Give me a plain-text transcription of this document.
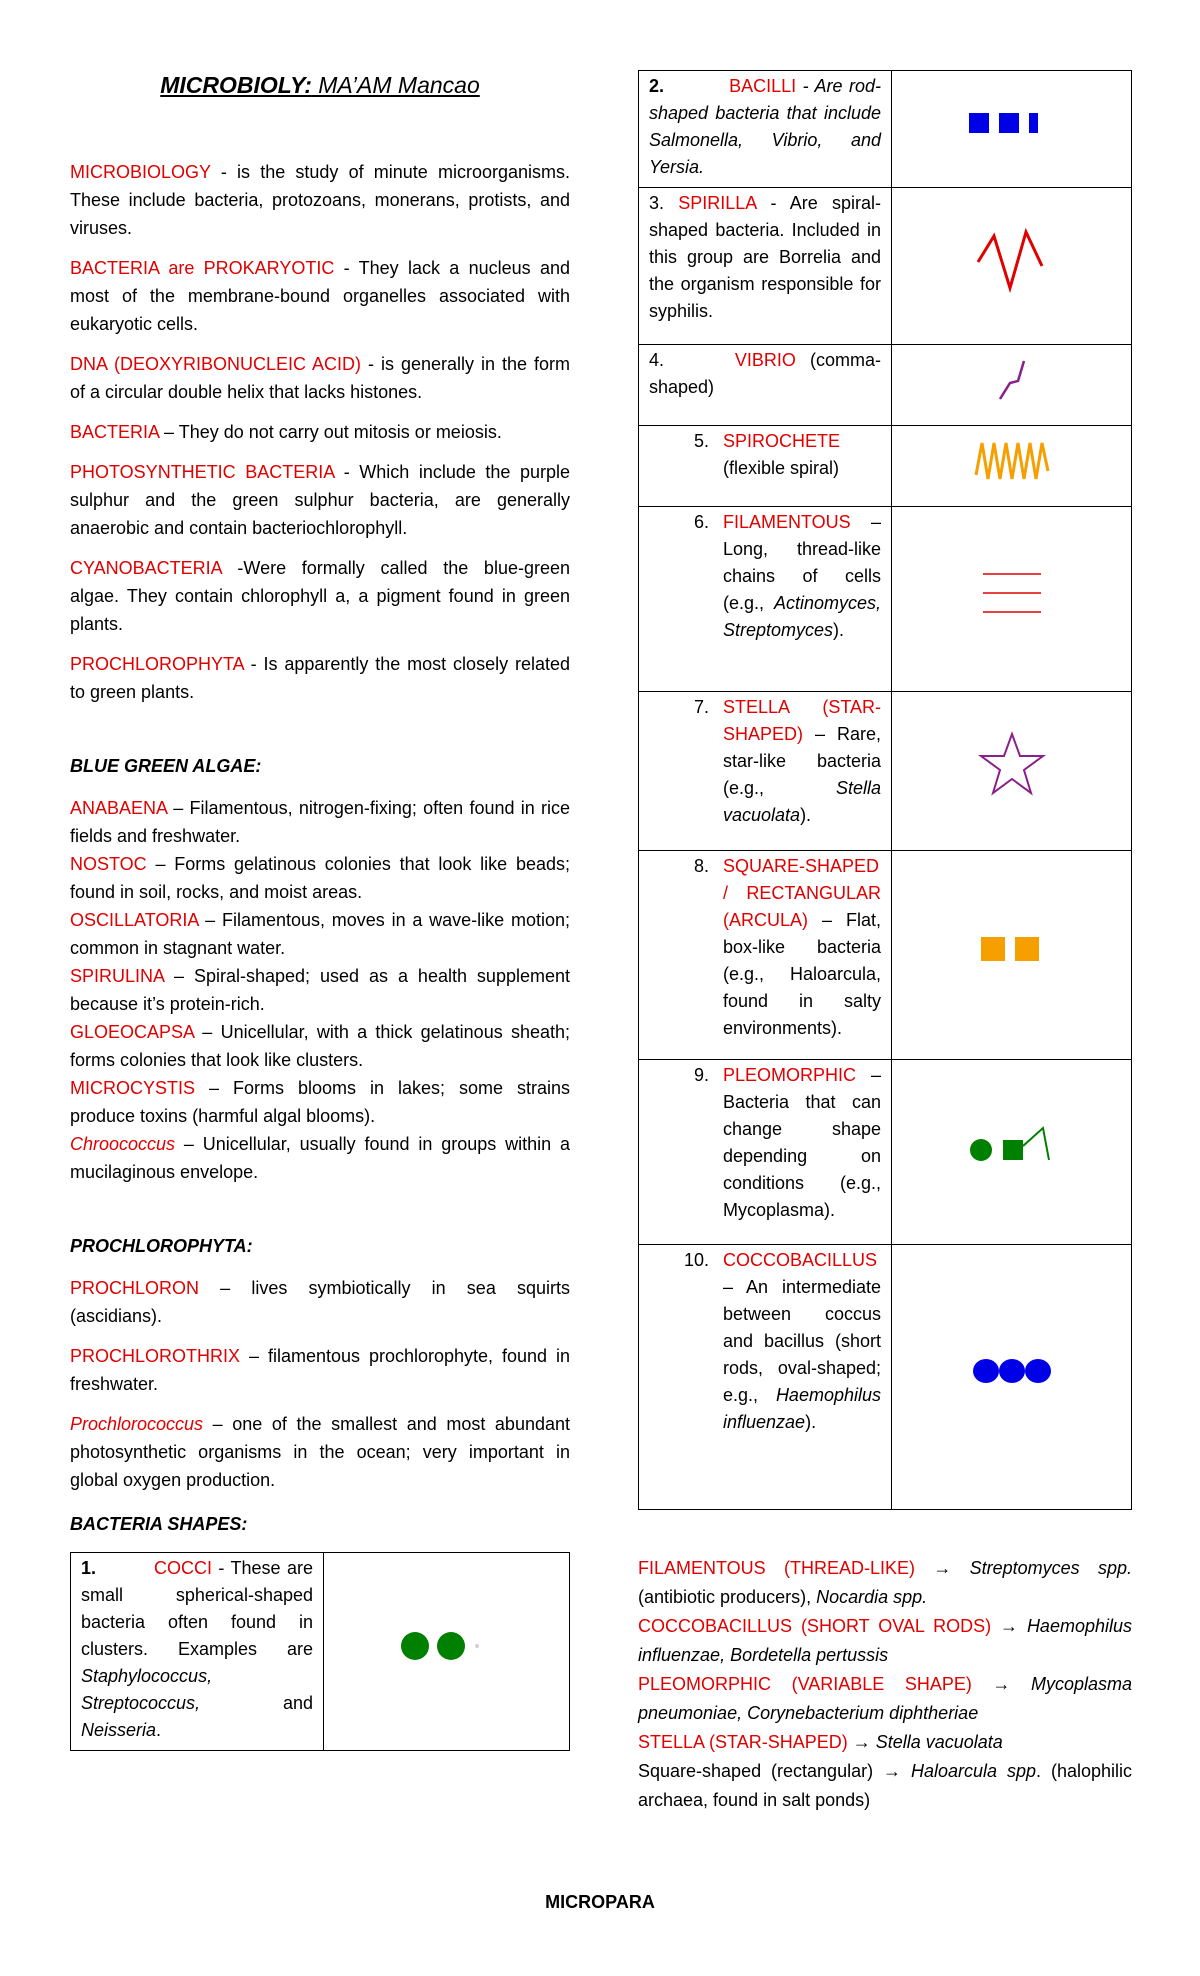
MICROBIOLY: MA’AM Mancao

MICROBIOLOGY - is the study of minute microorganisms. These include bacteria, protozoans, monerans, protists, and viruses.

BACTERIA are PROKARYOTIC - They lack a nucleus and most of the membrane-bound organelles associated with eukaryotic cells.

DNA (DEOXYRIBONUCLEIC ACID) - is generally in the form of a circular double helix that lacks histones.

BACTERIA – They do not carry out mitosis or meiosis.

PHOTOSYNTHETIC BACTERIA - Which include the purple sulphur and the green sulphur bacteria, are generally anaerobic and contain bacteriochlorophyll.

CYANOBACTERIA -Were formally called the blue-green algae. They contain chlorophyll a, a pigment found in green plants.

PROCHLOROPHYTA - Is apparently the most closely related to green plants.

BLUE GREEN ALGAE:

ANABAENA – Filamentous, nitrogen-fixing; often found in rice fields and freshwater.

NOSTOC – Forms gelatinous colonies that look like beads; found in soil, rocks, and moist areas.

OSCILLATORIA – Filamentous, moves in a wave-like motion; common in stagnant water.

SPIRULINA – Spiral-shaped; used as a health supplement because it’s protein-rich.

GLOEOCAPSA – Unicellular, with a thick gelatinous sheath; forms colonies that look like clusters.

MICROCYSTIS – Forms blooms in lakes; some strains produce toxins (harmful algal blooms).

Chroococcus – Unicellular, usually found in groups within a mucilaginous envelope.

PROCHLOROPHYTA:

PROCHLORON – lives symbiotically in sea squirts (ascidians).

PROCHLOROTHRIX – filamentous prochlorophyte, found in freshwater.

Prochlorococcus – one of the smallest and most abundant photosynthetic organisms in the ocean; very important in global oxygen production.

BACTERIA SHAPES:
1.	COCCI - These are small spherical-shaped bacteria often found in clusters. Examples are Staphylococcus, Streptococcus, and Neisseria.	
2. BACILLI - Are rod-shaped bacteria that include Salmonella, Vibrio, and Yersia.	
3. SPIRILLA - Are spiral-shaped bacteria. Included in this group are Borrelia and the organism responsible for syphilis.	
4. VIBRIO (comma-shaped)	

5. SPIROCHETE
(flexible spiral)

6. FILAMENTOUS – Long, thread-like chains of cells (e.g., Actinomyces, Streptomyces).

7. STELLA (STAR-SHAPED) – Rare, star-like bacteria (e.g., Stella vacuolata).

8. SQUARE-SHAPED / RECTANGULAR (ARCULA) – Flat, box-like bacteria (e.g., Haloarcula, found in salty environments).

9. PLEOMORPHIC – Bacteria that can change shape depending on conditions (e.g., Mycoplasma).

10. COCCOBACILLUS – An intermediate between coccus and bacillus (short rods, oval-shaped; e.g., Haemophilus influenzae).

FILAMENTOUS (THREAD-LIKE) → Streptomyces spp. (antibiotic producers), Nocardia spp.

COCCOBACILLUS (SHORT OVAL RODS) → Haemophilus influenzae, Bordetella pertussis

PLEOMORPHIC (VARIABLE SHAPE) → Mycoplasma pneumoniae, Corynebacterium diphtheriae

STELLA (STAR-SHAPED) → Stella vacuolata

Square-shaped (rectangular) → Haloarcula spp. (halophilic archaea, found in salt ponds)

MICROPARA
